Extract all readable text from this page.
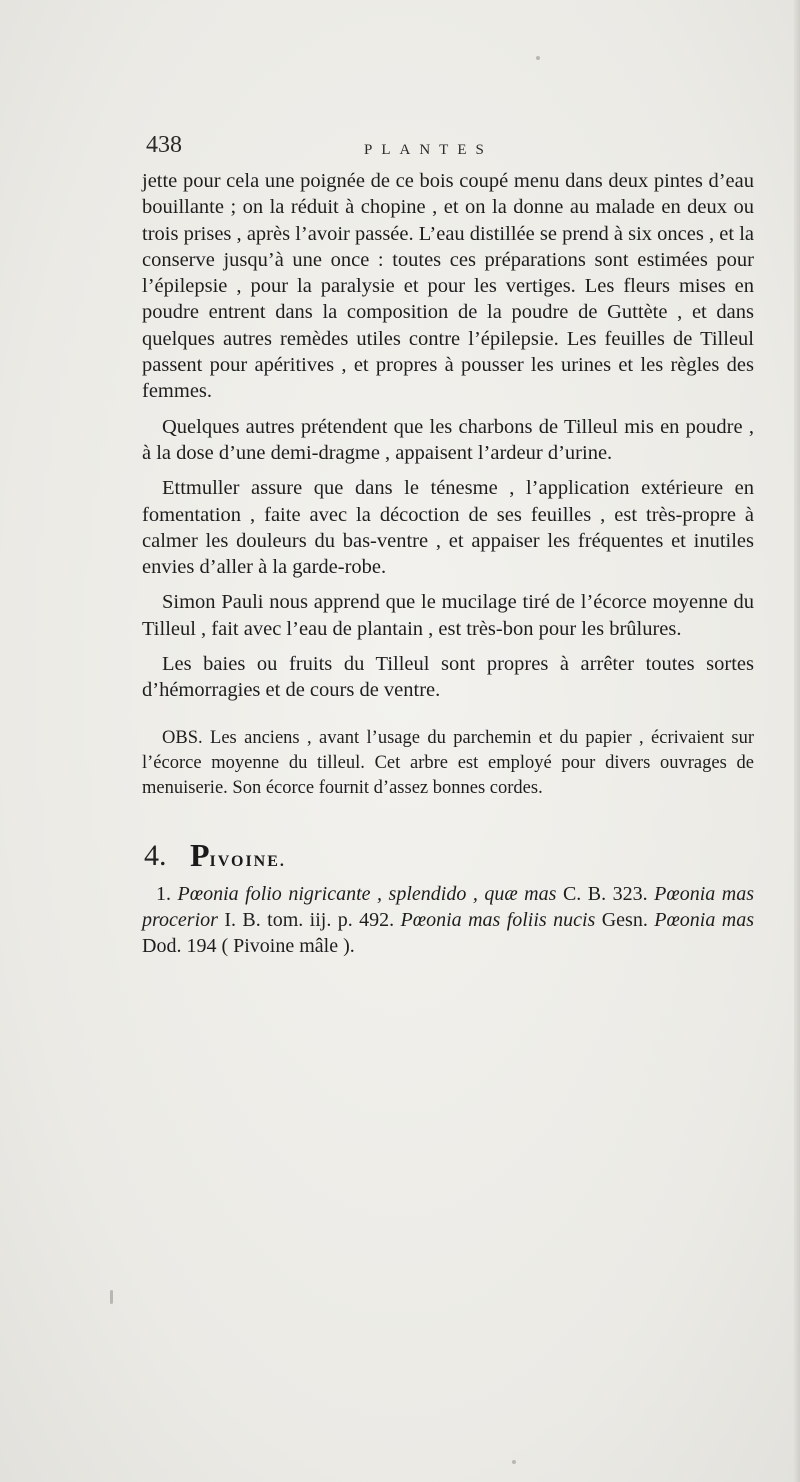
438	PLANTES

jette pour cela une poignée de ce bois coupé menu dans deux pintes d’eau bouillante ; on la réduit à chopine , et on la donne au malade en deux ou trois prises , après l’avoir passée. L’eau distillée se prend à six onces , et la conserve jusqu’à une once : toutes ces préparations sont estimées pour l’épilepsie , pour la paralysie et pour les vertiges. Les fleurs mises en poudre entrent dans la composition de la poudre de Guttète , et dans quelques autres remèdes utiles contre l’épilepsie. Les feuilles de Tilleul passent pour apéritives , et propres à pousser les urines et les règles des femmes.

Quelques autres prétendent que les charbons de Tilleul mis en poudre , à la dose d’une demi-dragme , appaisent l’ardeur d’urine.

Ettmuller assure que dans le ténesme , l’application extérieure en fomentation , faite avec la décoction de ses feuilles , est très-propre à calmer les douleurs du bas-ventre , et appaiser les fréquentes et inutiles envies d’aller à la garde-robe.

Simon Pauli nous apprend que le mucilage tiré de l’écorce moyenne du Tilleul , fait avec l’eau de plantain , est très-bon pour les brûlures.

Les baies ou fruits du Tilleul sont propres à arrêter toutes sortes d’hémorragies et de cours de ventre.

OBS. Les anciens , avant l’usage du parchemin et du papier , écrivaient sur l’écorce moyenne du tilleul. Cet arbre est employé pour divers ouvrages de menuiserie. Son écorce fournit d’assez bonnes cordes.

4. PIVOINE.

1. Pœonia folio nigricante , splendido , quæ mas C. B. 323. Pœonia mas procerior I. B. tom. iij. p. 492. Pœonia mas foliis nucis Gesn. Pœonia mas Dod. 194 ( Pivoine mâle ).
